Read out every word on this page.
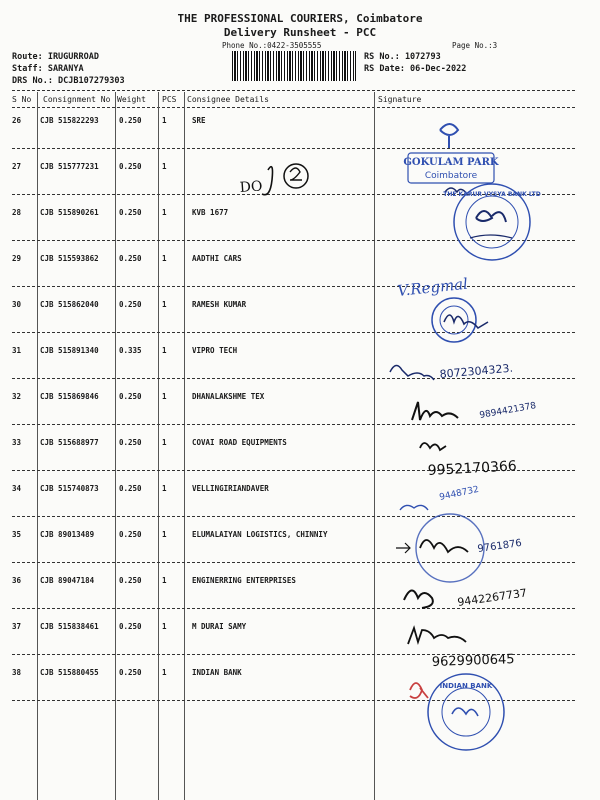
THE PROFESSIONAL COURIERS, Coimbatore
Delivery Runsheet - PCC
Phone No.:0422-3505555	Page No.:3
Route: IRUGURROAD
Staff: SARANYA
DRS No.: DCJB107279303
RS No.: 1072793
RS Date: 06-Dec-2022
S No Consignment No Weight PCS Consignee Details	Signature
26	CJB 515822293	0.250	1	SRE
27	CJB 515777231	0.250	1
28	CJB 515890261	0.250	1	KVB 1677
29	CJB 515593862	0.250	1	AADTHI CARS
30	CJB 515862040	0.250	1	RAMESH KUMAR
31	CJB 515891340	0.335	1	VIPRO TECH
32	CJB 515869846	0.250	1	DHANALAKSHME TEX
33	CJB 515688977	0.250	1	COVAI ROAD EQUIPMENTS
34	CJB 515740873	0.250	1	VELLINGIRIANDAVER
35	CJB 89013489	0.250	1	ELUMALAIYAN LOGISTICS, CHINNIY
36	CJB 89047184	0.250	1	ENGINERRING ENTERPRISES
37	CJB 515838461	0.250	1	M DURAI SAMY
38	CJB 515880455	0.250	1	INDIAN BANK
GOKULAM PARK
Coimbatore
DO	THE KARUR VYSYA BANK LTD
V.Regmal
8072304323.
9894421378
9952170366
9448732
9761876
9442267737
9629900645
INDIAN BANK
